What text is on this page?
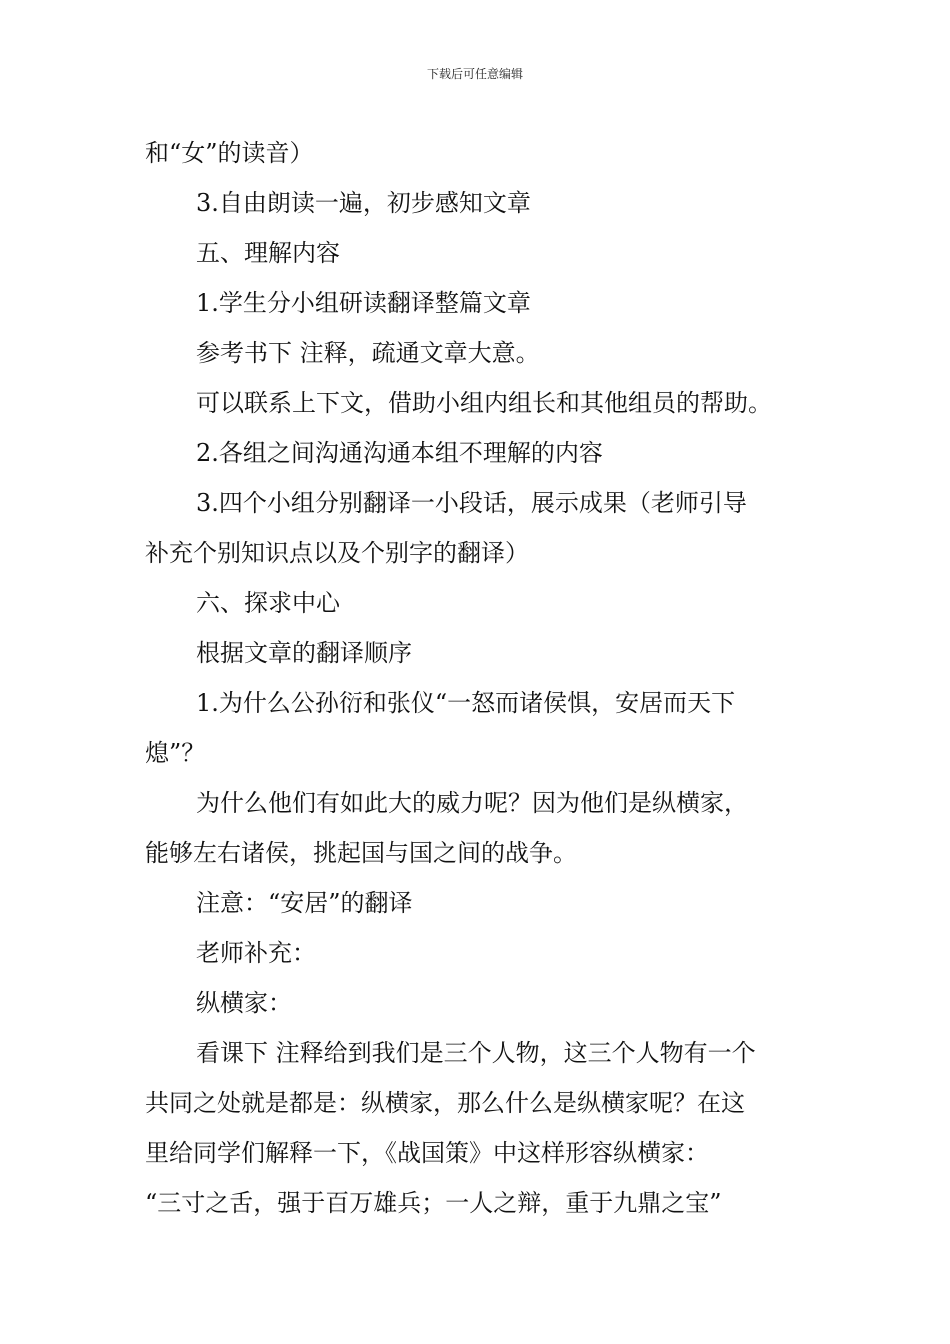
下载后可任意编辑
和“女”的读音）
3.自由朗读一遍，初步感知文章
五、理解内容
1.学生分小组研读翻译整篇文章
参考书下 注释，疏通文章大意。
可以联系上下文，借助小组内组长和其他组员的帮助。
2.各组之间沟通沟通本组不理解的内容
3.四个小组分别翻译一小段话，展示成果（老师引导
补充个别知识点以及个别字的翻译）
六、探求中心
根据文章的翻译顺序
1.为什么公孙衍和张仪“一怒而诸侯惧，安居而天下
熄”？
为什么他们有如此大的威力呢？因为他们是纵横家，
能够左右诸侯，挑起国与国之间的战争。
注意：“安居”的翻译
老师补充：
纵横家：
看课下 注释给到我们是三个人物，这三个人物有一个
共同之处就是都是：纵横家，那么什么是纵横家呢？在这
里给同学们解释一下，《战国策》中这样形容纵横家：
“三寸之舌，强于百万雄兵；一人之辩，重于九鼎之宝”
